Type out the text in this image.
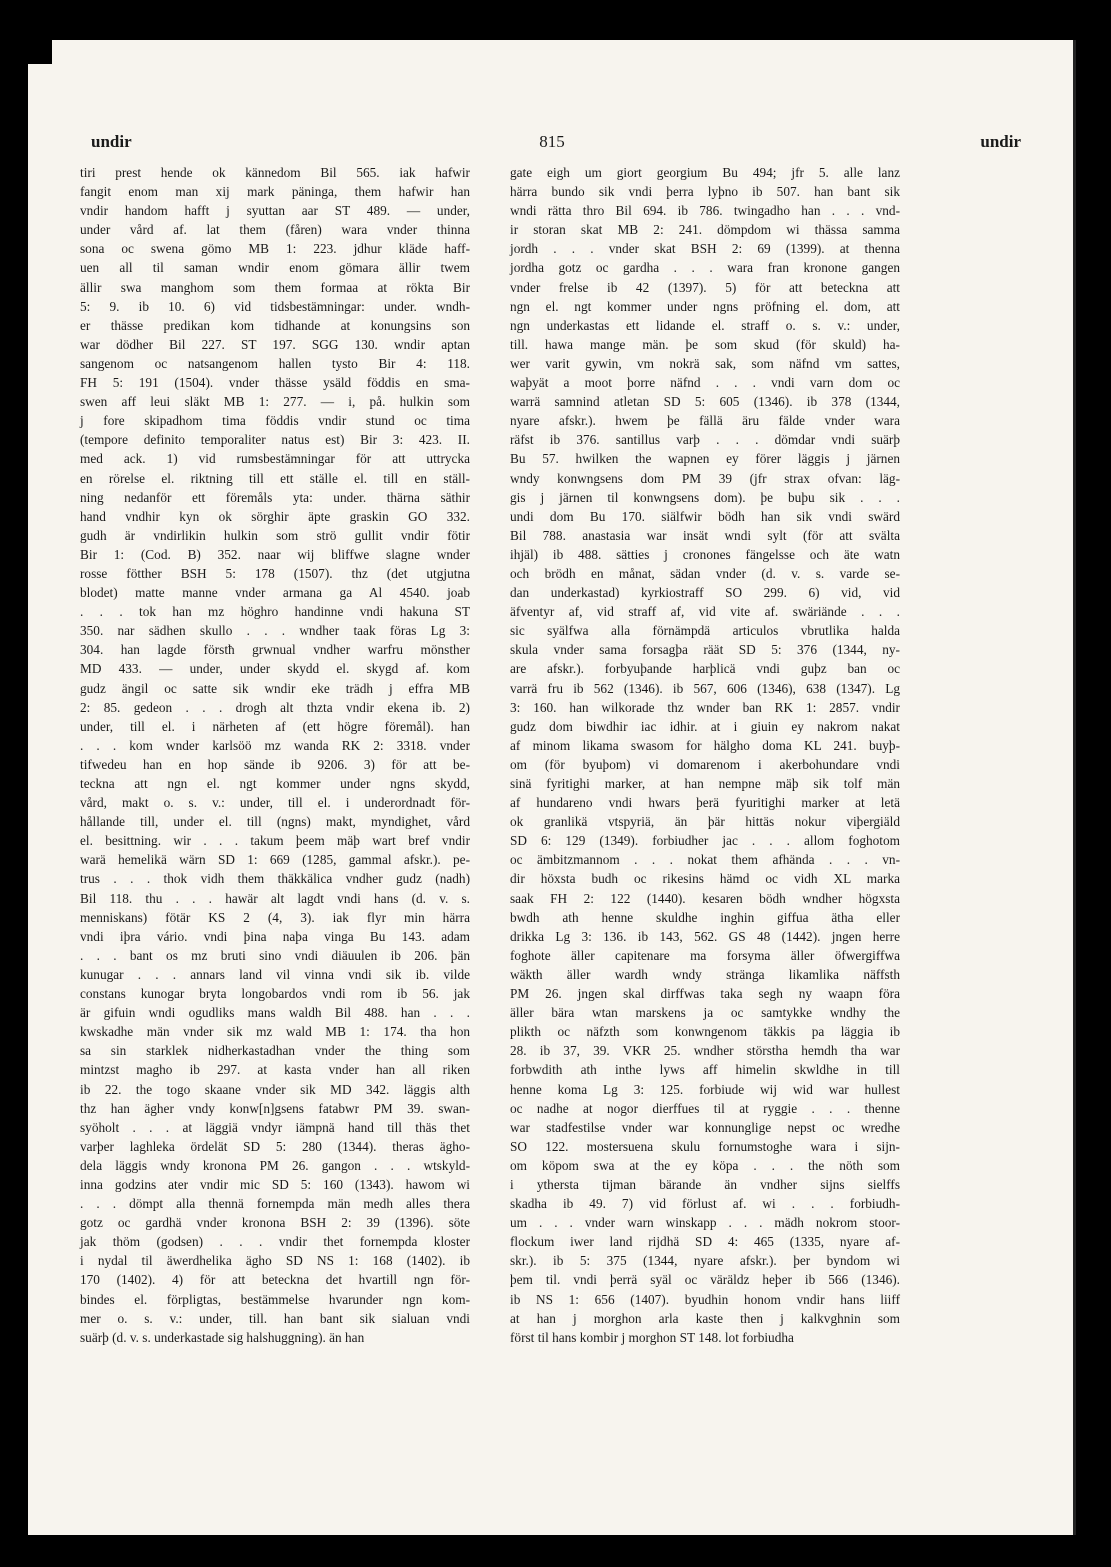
undir	815	undir
tiri prest hende ok kännedom Bil 565. iak hafwir
fangit enom man xij mark päninga, them hafwir han
vndir handom hafft j syuttan aar ST 489. — under,
under vård af. lat them (fåren) wara vnder thinna
sona oc swena gömo MB 1: 223. jdhur kläde haff-
uen all til saman wndir enom gömara ällir twem
ällir swa manghom som them formaa at rökta Bir
5: 9. ib 10. 6) vid tidsbestämningar: under. wndh-
er thässe predikan kom tidhande at konungsins son
war dödher Bil 227. ST 197. SGG 130. wndir aptan
sangenom oc natsangenom hallen tysto Bir 4: 118.
FH 5: 191 (1504). vnder thässe ysäld föddis en sma-
swen aff leui släkt MB 1: 277. — i, på. hulkin som
j fore skipadhom tima föddis vndir stund oc tima
(tempore definito temporaliter natus est) Bir 3: 423. II.
med ack. 1) vid rumsbestämningar för att uttrycka
en rörelse el. riktning till ett ställe el. till en ställ-
ning nedanför ett föremåls yta: under. thärna säthir
hand vndhir kyn ok sörghir äpte graskin GO 332.
gudh är vndirlikin hulkin som strö gullit vndir fötir
Bir 1: (Cod. B) 352. naar wij bliffwe slagne wnder
rosse fötther BSH 5: 178 (1507). thz (det utgjutna
blodet) matte manne vnder armana ga Al 4540. joab
. . . tok han mz höghro handinne vndi hakuna ST
350. nar sädhen skullo . . . wndher taak föras Lg 3:
304. han lagde förstħ grwnual vndher warfru mönsther
MD 433. — under, under skydd el. skygd af. kom
gudz ängil oc satte sik wndir eke trädh j effra MB
2: 85. gedeon . . . drogh alt thzta vndir ekena ib. 2)
under, till el. i närheten af (ett högre föremål). han
. . . kom wnder karlsöö mz wanda RK 2: 3318. vnder
tifwedeu han en hop sände ib 9206. 3) för att be-
teckna att ngn el. ngt kommer under ngns skydd,
vård, makt o. s. v.: under, till el. i underordnadt för-
hållande till, under el. till (ngns) makt, myndighet, vård
el. besittning. wir . . . takum þeem mäþ wart bref vndir
warä hemelikä wärn SD 1: 669 (1285, gammal afskr.). pe-
trus . . . thok vidh them thäkkälica vndher gudz (nadh)
Bil 118. thu . . . hawär alt lagdt vndi hans (d. v. s.
menniskans) fötär KS 2 (4, 3). iak flyr min härra
vndi iþra vário. vndi þina naþa vinga Bu 143. adam
. . . bant os mz bruti sino vndi diäuulen ib 206. þän
kunugar . . . annars land vil vinna vndi sik ib. vilde
constans kunogar bryta longobardos vndi rom ib 56. jak
är gifuin wndi ogudliks mans waldh Bil 488. han . . .
kwskadhe män vnder sik mz wald MB 1: 174. tha hon
sa sin starklek nidherkastadhan vnder the thing som
mintzst magho ib 297. at kasta vnder han all riken
ib 22. the togo skaane vnder sik MD 342. läggis alth
thz han ägher vndy konw[n]gsens fatabwr PM 39. swan-
syöholt . . . at läggiä vndyr iämpnä hand till thäs thet
varþer laghleka ördelät SD 5: 280 (1344). theras ägho-
dela läggis wndy kronona PM 26. gangon . . . wtskyld-
inna godzins ater vndir mic SD 5: 160 (1343). hawom wi
. . . dömpt alla thennä fornempda män medh alles thera
gotz oc gardhä vnder kronona BSH 2: 39 (1396). söte
jak thöm (godsen) . . . vndir thet fornempda kloster
i nydal til äwerdhelika ägho SD NS 1: 168 (1402). ib
170 (1402). 4) för att beteckna det hvartill ngn för-
bindes el. förpligtas, bestämmelse hvarunder ngn kom-
mer o. s. v.: under, till. han bant sik sialuan vndi
suärþ (d. v. s. underkastade sig halshuggning). än han
gate eigh um giort georgium Bu 494; jfr 5. alle lanz
härra bundo sik vndi þerra lyþno ib 507. han bant sik
wndi rätta thro Bil 694. ib 786. twingadho han . . . vnd-
ir storan skat MB 2: 241. dömpdom wi thässa samma
jordh . . . vnder skat BSH 2: 69 (1399). at thenna
jordha gotz oc gardha . . . wara fran kronone gangen
vnder frelse ib 42 (1397). 5) för att beteckna att
ngn el. ngt kommer under ngns pröfning el. dom, att
ngn underkastas ett lidande el. straff o. s. v.: under,
till. hawa mange män. þe som skud (för skuld) ha-
wer varit gywin, vm nokrä sak, som näfnd vm sattes,
waþyät a moot þorre näfnd . . . vndi varn dom oc
warrä samnind atletan SD 5: 605 (1346). ib 378 (1344,
nyare afskr.). hwem þe fällä äru fälde vnder wara
räfst ib 376. santillus varþ . . . dömdar vndi suärþ
Bu 57. hwilken the wapnen ey förer läggis j järnen
wndy konwngsens dom PM 39 (jfr strax ofvan: läg-
gis j järnen til konwngsens dom). þe buþu sik . . .
undi dom Bu 170. siälfwir bödh han sik vndi swärd
Bil 788. anastasia war insät wndi sylt (för att svälta
ihjäl) ib 488. sätties j cronones fängelsse och äte watn
och brödh en månat, sädan vnder (d. v. s. varde se-
dan underkastad) kyrkiostraff SO 299. 6) vid, vid
äfventyr af, vid straff af, vid vite af. swäriände . . .
sic syälfwa alla förnämpdä articulos vbrutlika halda
skula vnder sama forsagþa räät SD 5: 376 (1344, ny-
are afskr.). forbyuþande harþlicä vndi guþz ban oc
varrä fru ib 562 (1346). ib 567, 606 (1346), 638 (1347). Lg
3: 160. han wilkorade thz wnder ban RK 1: 2857. vndir
gudz dom biwdhir iac idhir. at i giuin ey nakrom nakat
af minom likama swasom for hälgho doma KL 241. buyþ-
om (för byuþom) vi domarenom i akerbohundare vndi
sinä fyritighi marker, at han nempne mäþ sik tolf män
af hundareno vndi hwars þerä fyuritighi marker at letä
ok granlikä vtspyriä, än þär hittäs nokur viþergiäld
SD 6: 129 (1349). forbiudher jac . . . allom foghotom
oc ämbitzmannom . . . nokat them afhända . . . vn-
dir höxsta budh oc rikesins hämd oc vidh XL marka
saak FH 2: 122 (1440). kesaren bödh wndher högxsta
bwdh ath henne skuldhe inghin giffua ätha eller
drikka Lg 3: 136. ib 143, 562. GS 48 (1442). jngen herre
foghote äller capitenare ma forsyma äller öfwergiffwa
wäkth äller wardh wndy stränga likamlika näffsth
PM 26. jngen skal dirffwas taka segh ny waapn föra
äller bära wtan marskens ja oc samtykke wndhy the
plikth oc näfzth som konwngenom täkkis pa läggia ib
28. ib 37, 39. VKR 25. wndher störstha hemdh tha war
forbwdith ath inthe lyws aff himelin skwldhe in till
henne koma Lg 3: 125. forbiude wij wid war hullest
oc nadhe at nogor dierffues til at ryggie . . . thenne
war stadfestilse vnder war konnunglige nepst oc wredhe
SO 122. mostersuena skulu fornumstoghe wara i sijn-
om köpom swa at the ey köpa . . . the nöth som
i ythersta tijman bärande än vndher sijns sielffs
skadha ib 49. 7) vid förlust af. wi . . . forbiudh-
um . . . vnder warn winskapp . . . mädh nokrom stoor-
flockum iwer land rijdhä SD 4: 465 (1335, nyare af-
skr.). ib 5: 375 (1344, nyare afskr.). þer byndom wi
þem til. vndi þerrä syäl oc väräldz heþer ib 566 (1346).
ib NS 1: 656 (1407). byudhin honom vndir hans liiff
at han j morghon arla kaste then j kalkvghnin som
först til hans kombir j morghon ST 148. lot forbiudha
